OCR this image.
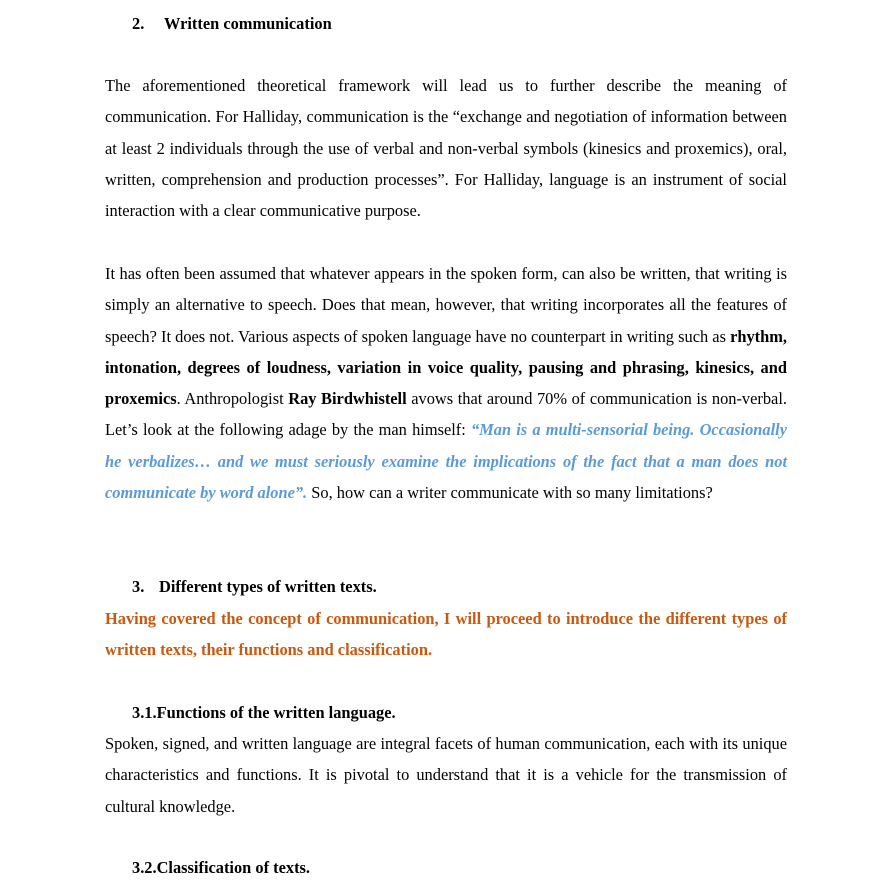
2. Written communication

The aforementioned theoretical framework will lead us to further describe the meaning of communication. For Halliday, communication is the “exchange and negotiation of information between at least 2 individuals through the use of verbal and non-verbal symbols (kinesics and proxemics), oral, written, comprehension and production processes”. For Halliday, language is an instrument of social interaction with a clear communicative purpose.

It has often been assumed that whatever appears in the spoken form, can also be written, that writing is simply an alternative to speech. Does that mean, however, that writing incorporates all the features of speech? It does not. Various aspects of spoken language have no counterpart in writing such as rhythm, intonation, degrees of loudness, variation in voice quality, pausing and phrasing, kinesics, and proxemics. Anthropologist Ray Birdwhistell avows that around 70% of communication is non-verbal. Let’s look at the following adage by the man himself: “Man is a multi-sensorial being. Occasionally he verbalizes… and we must seriously examine the implications of the fact that a man does not communicate by word alone”. So, how can a writer communicate with so many limitations?

3. Different types of written texts.

Having covered the concept of communication, I will proceed to introduce the different types of written texts, their functions and classification.

3.1.Functions of the written language.

Spoken, signed, and written language are integral facets of human communication, each with its unique characteristics and functions. It is pivotal to understand that it is a vehicle for the transmission of cultural knowledge.

3.2.Classification of texts.
